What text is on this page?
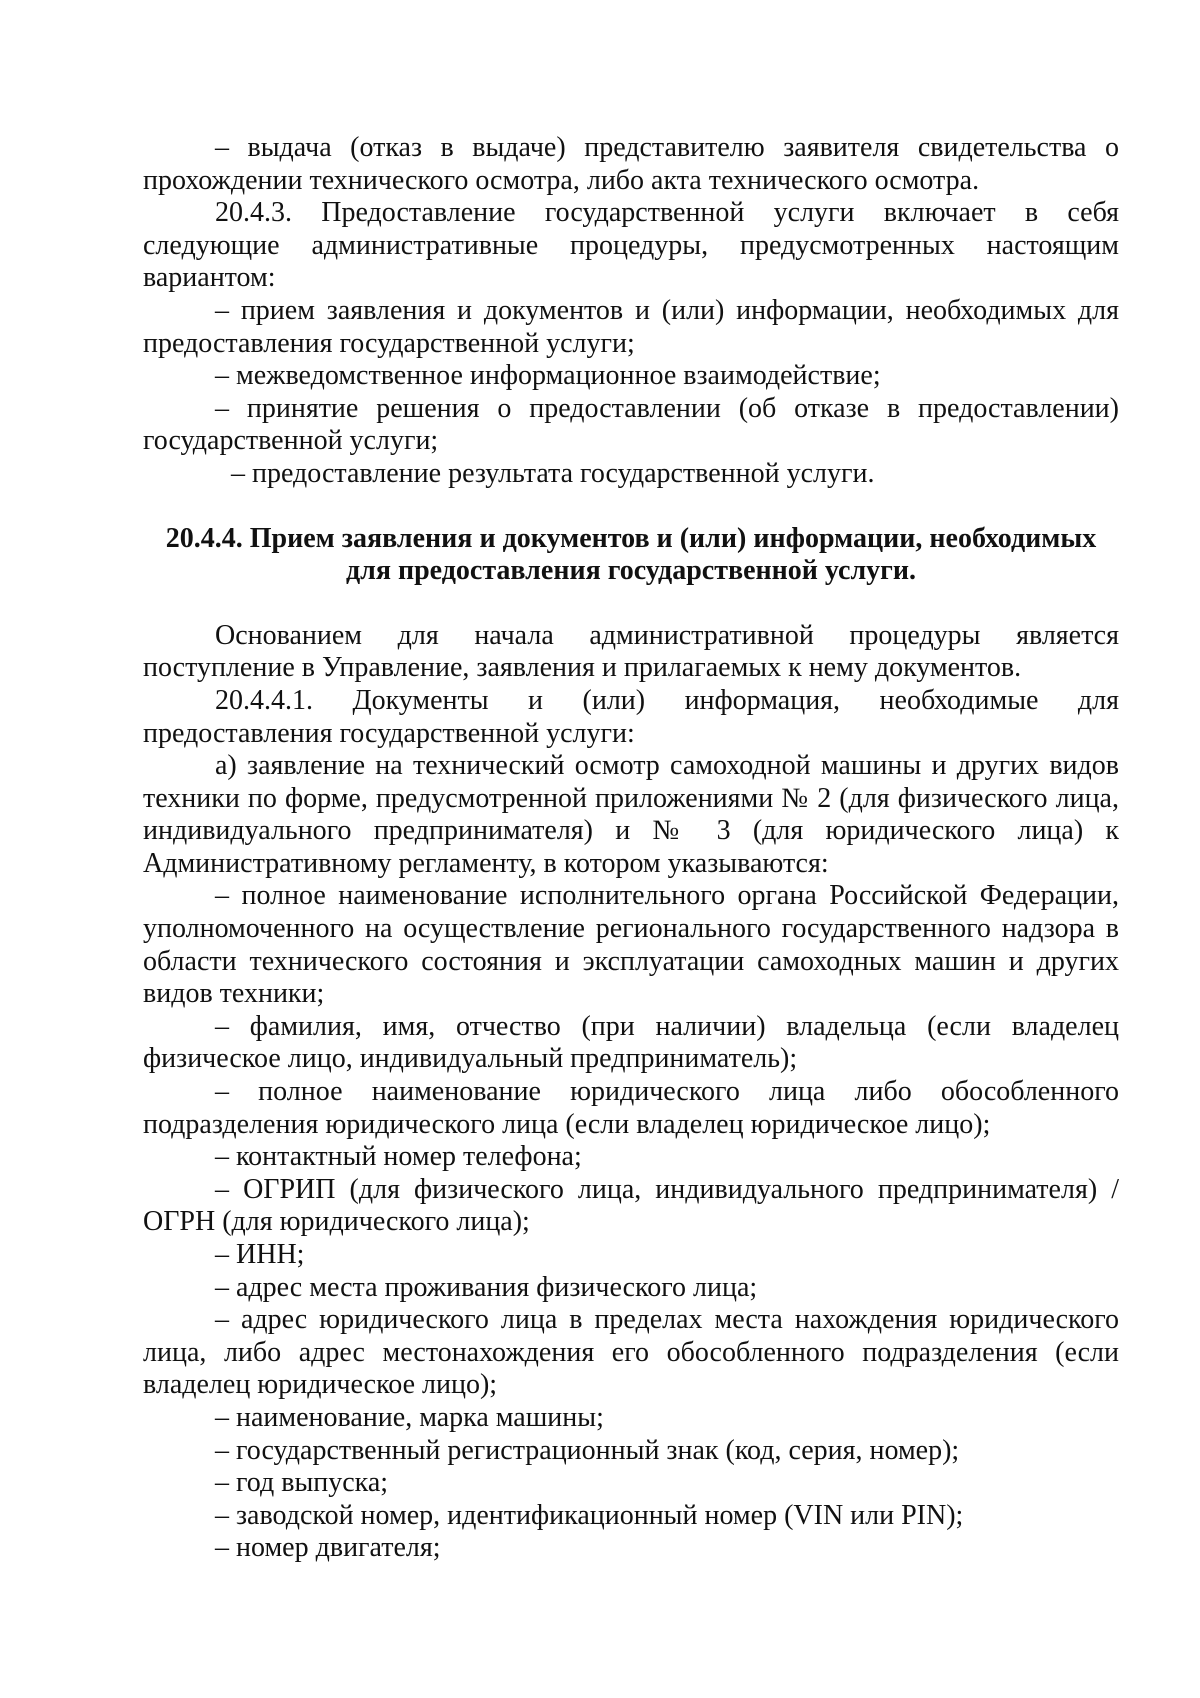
– выдача (отказ в выдаче) представителю заявителя свидетельства о прохождении технического осмотра, либо акта технического осмотра.

20.4.3. Предоставление государственной услуги включает в себя следующие административные процедуры, предусмотренных настоящим вариантом:

– прием заявления и документов и (или) информации, необходимых для предоставления государственной услуги;

– межведомственное информационное взаимодействие;

– принятие решения о предоставлении (об отказе в предоставлении) государственной услуги;

– предоставление результата государственной услуги.

20.4.4. Прием заявления и документов и (или) информации, необходимых
для предоставления государственной услуги.

Основанием для начала административной процедуры является поступление в Управление, заявления и прилагаемых к нему документов.

20.4.4.1. Документы и (или) информация, необходимые для предоставления государственной услуги:

а) заявление на технический осмотр самоходной машины и других видов техники по форме, предусмотренной приложениями № 2 (для физического лица, индивидуального предпринимателя) и № 3 (для юридического лица) к Административному регламенту, в котором указываются:

– полное наименование исполнительного органа Российской Федерации, уполномоченного на осуществление регионального государственного надзора в области технического состояния и эксплуатации самоходных машин и других видов техники;

– фамилия, имя, отчество (при наличии) владельца (если владелец физическое лицо, индивидуальный предприниматель);

– полное наименование юридического лица либо обособленного подразделения юридического лица (если владелец юридическое лицо);

– контактный номер телефона;

– ОГРИП (для физического лица, индивидуального предпринимателя) / ОГРН (для юридического лица);

– ИНН;

– адрес места проживания физического лица;

– адрес юридического лица в пределах места нахождения юридического лица, либо адрес местонахождения его обособленного подразделения (если владелец юридическое лицо);

– наименование, марка машины;

– государственный регистрационный знак (код, серия, номер);

– год выпуска;

– заводской номер, идентификационный номер (VIN или PIN);

– номер двигателя;
